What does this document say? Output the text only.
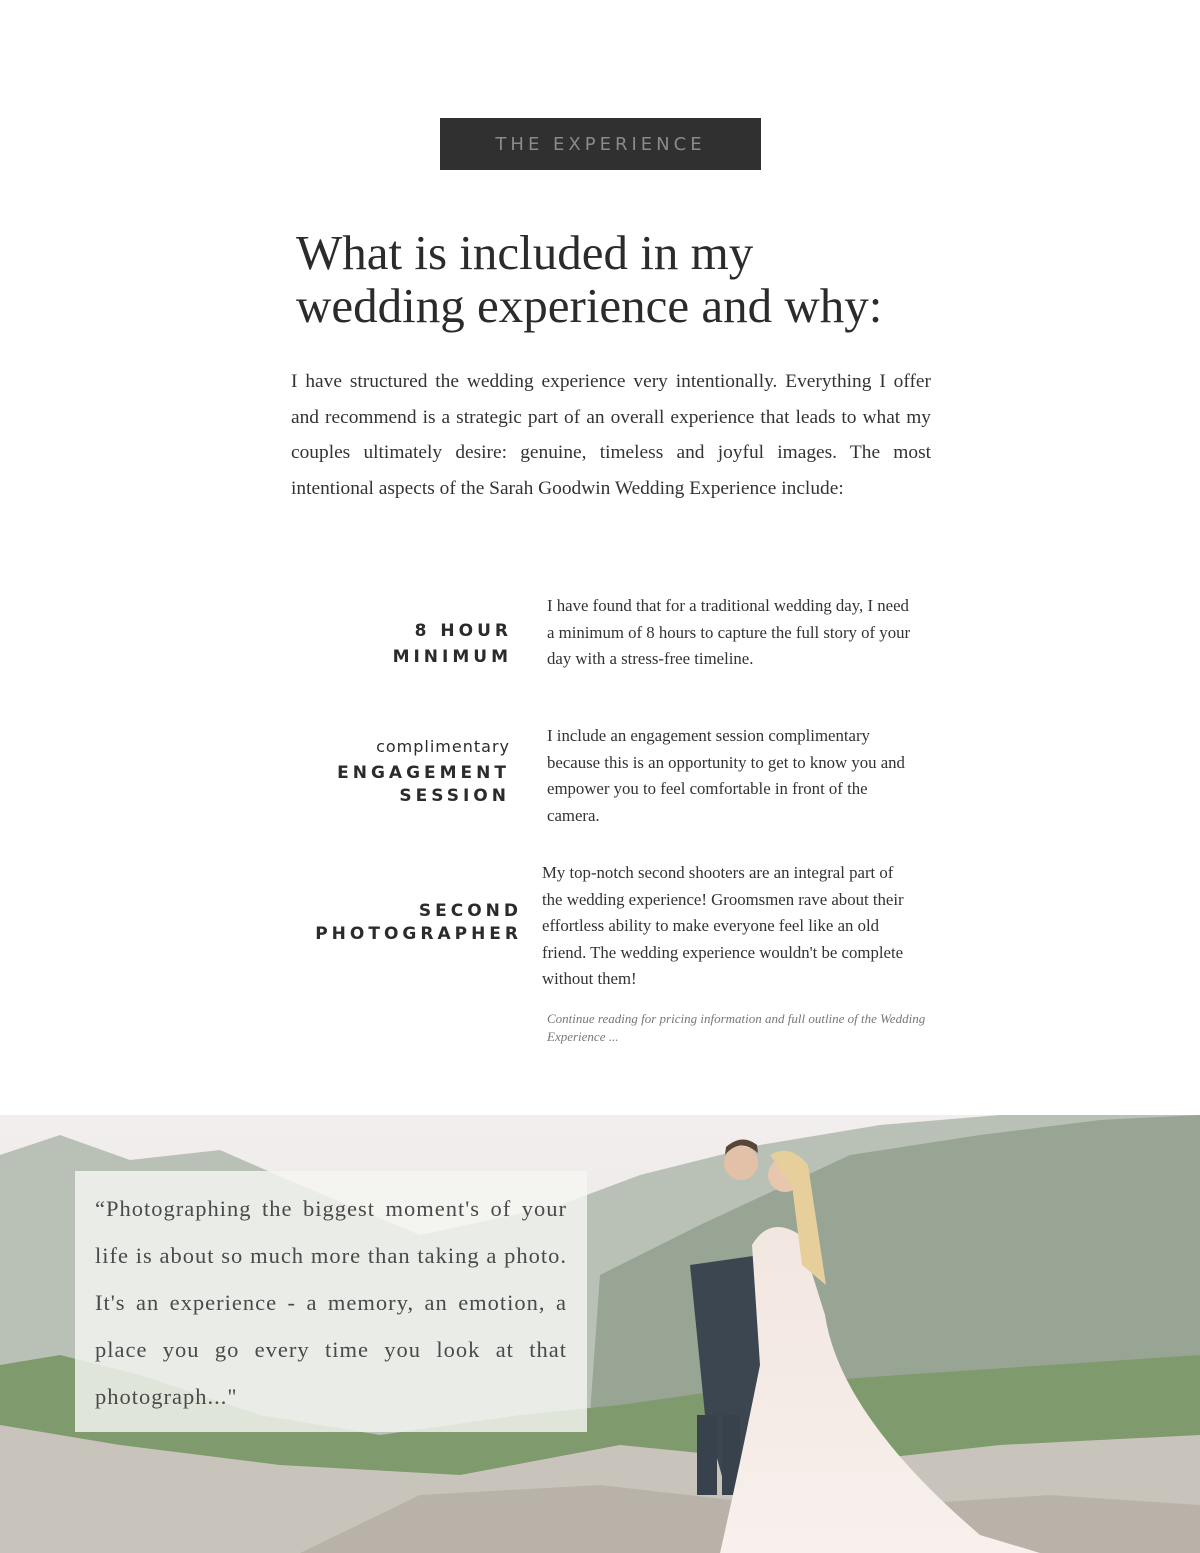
THE EXPERIENCE
What is included in my
wedding experience and why:

I have structured the wedding experience very intentionally. Everything I offer and recommend is a strategic part of an overall experience that leads to what my couples ultimately desire: genuine, timeless and joyful images. The most intentional aspects of the Sarah Goodwin Wedding Experience include:

8 HOUR
MINIMUM

I have found that for a traditional wedding day, I need a minimum of 8 hours to capture the full story of your day with a stress-free timeline.

complimentary
ENGAGEMENT
SESSION

I include an engagement session complimentary because this is an opportunity to get to know you and empower you to feel comfortable in front of the camera.

SECOND
PHOTOGRAPHER

My top-notch second shooters are an integral part of the wedding experience! Groomsmen rave about their effortless ability to make everyone feel like an old friend. The wedding experience wouldn't be complete without them!

Continue reading for pricing information and full outline of the Wedding Experience ...

“Photographing the biggest moment's of your life is about so much more than taking a photo. It's an experience - a memory, an emotion, a place you go every time you look at that photograph..."
